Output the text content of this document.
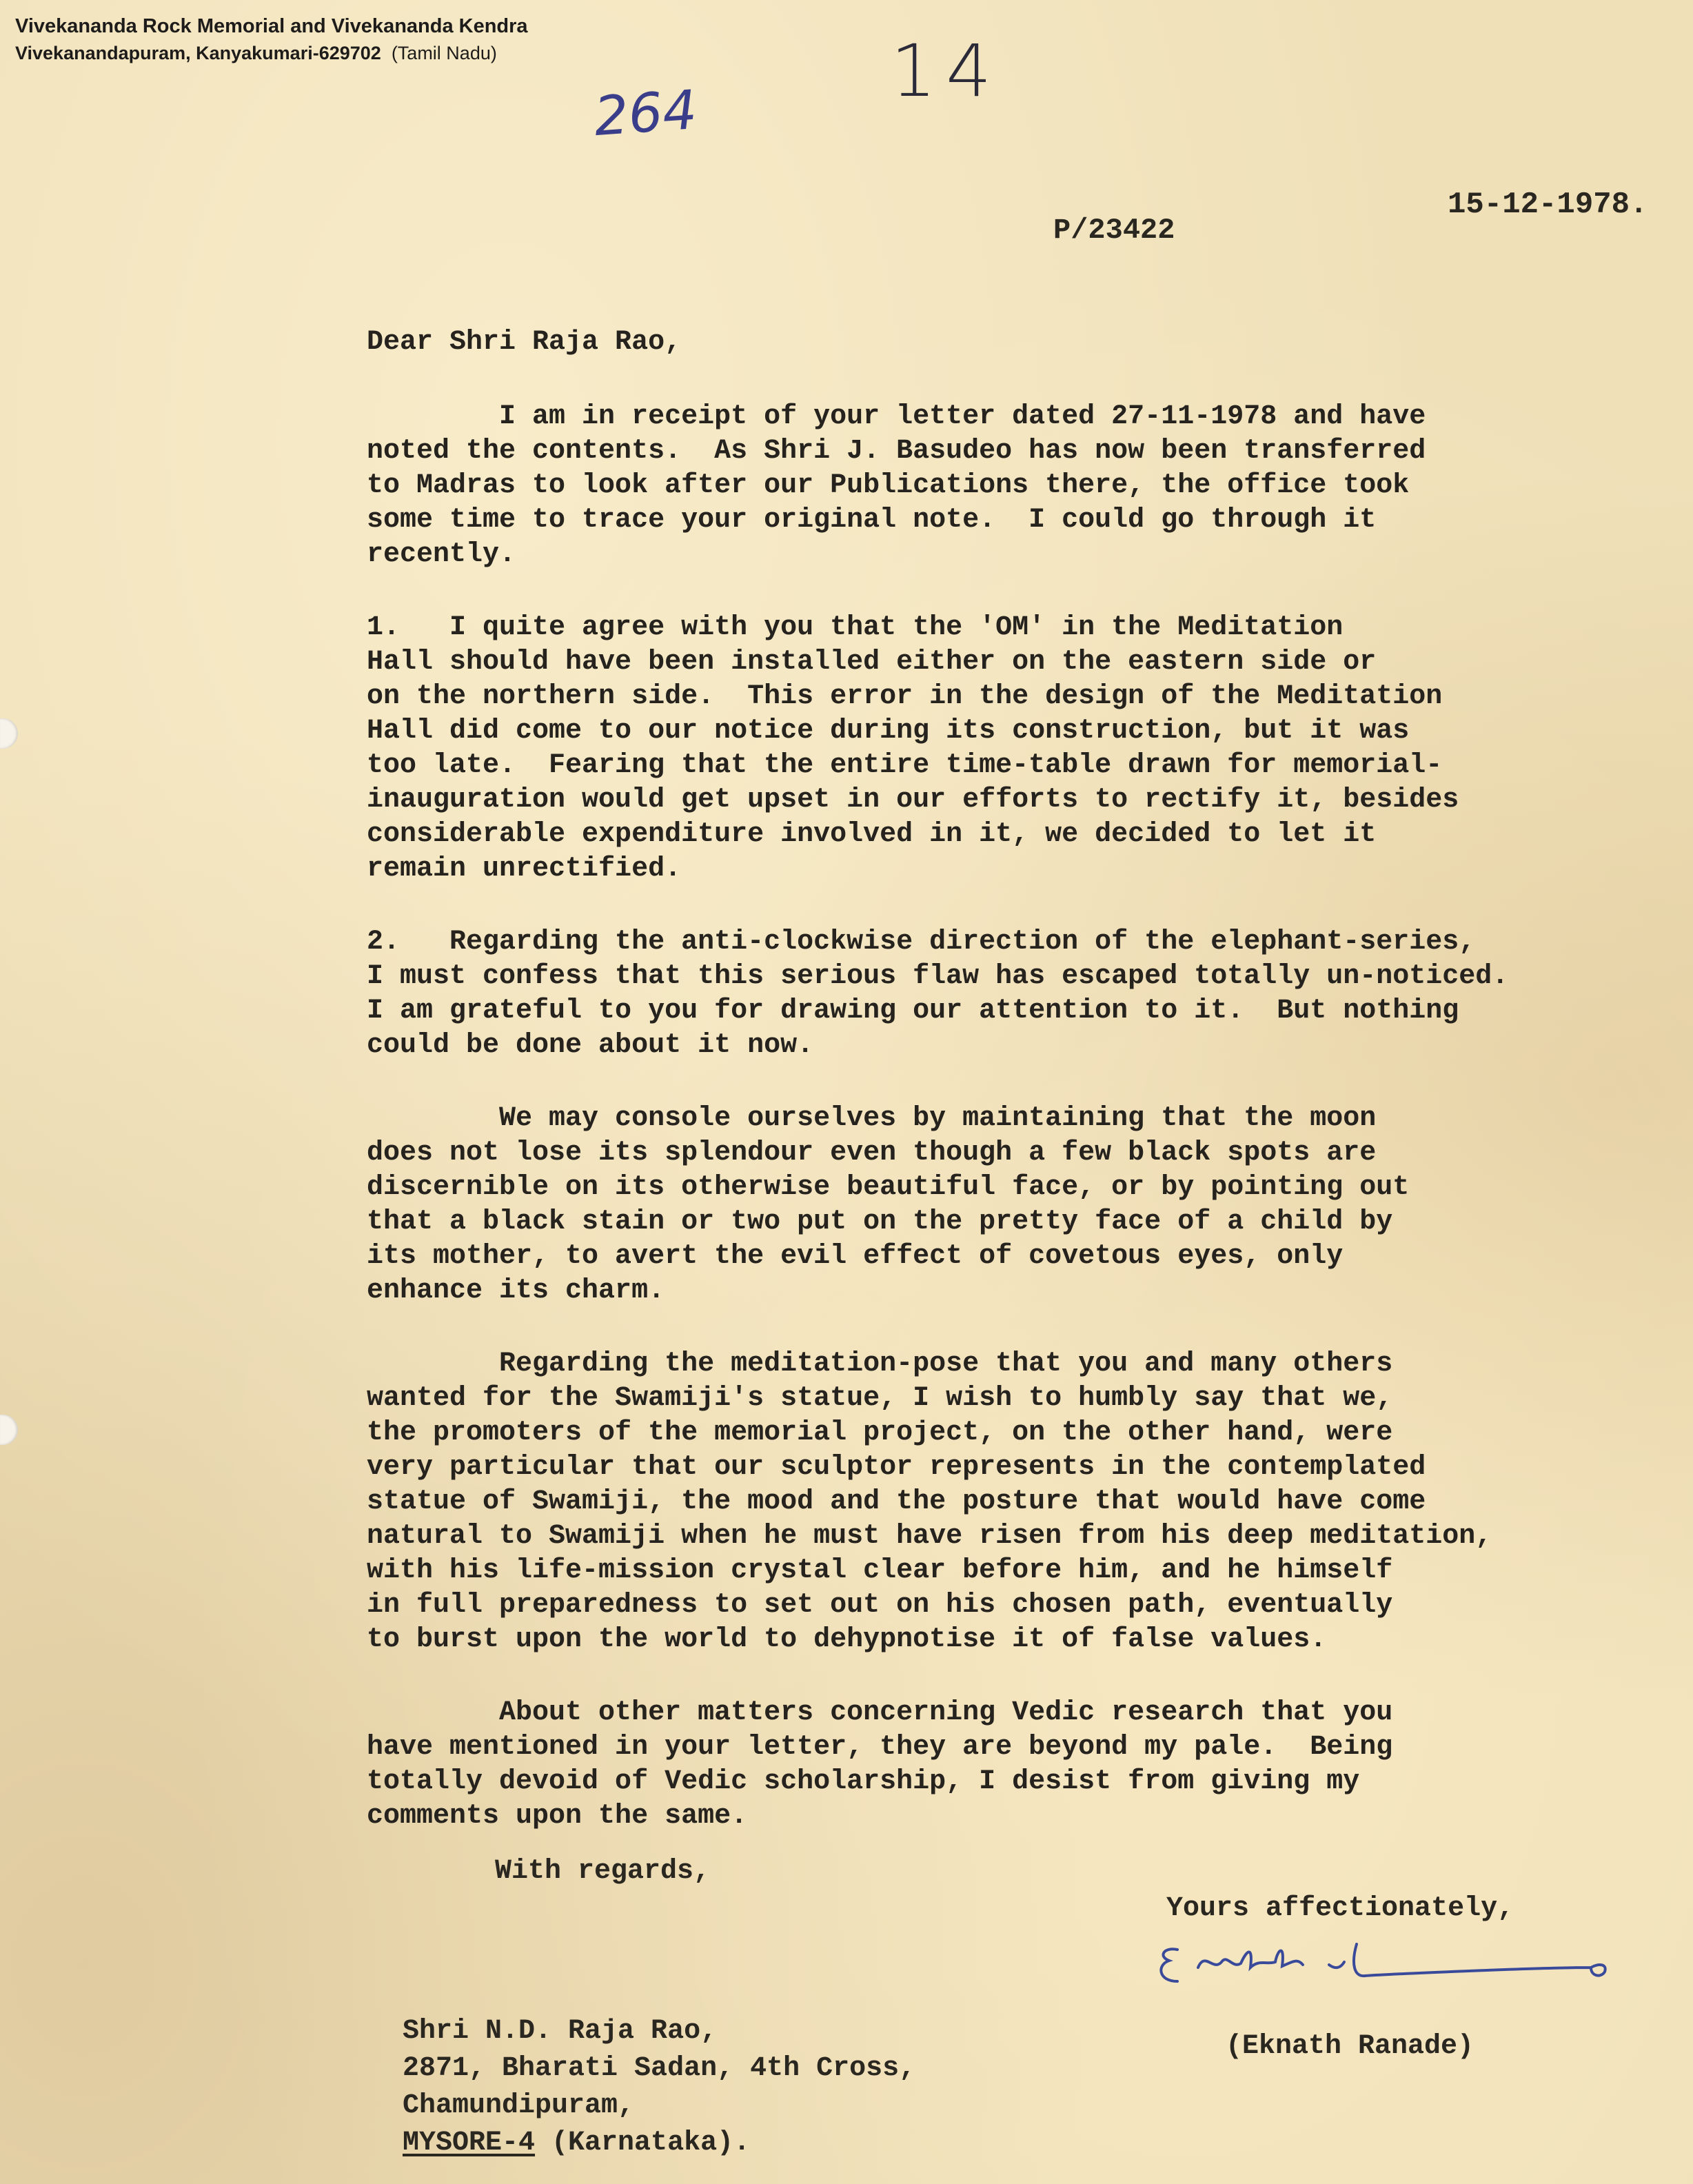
Vivekananda Rock Memorial and Vivekananda Kendra
Vivekanandapuram, Kanyakumari-629702 (Tamil Nadu)
264
14
P/23422
15-12-1978.

Dear Shri Raja Rao,

I am in receipt of your letter dated 27-11-1978 and have

noted the contents.  As Shri J. Basudeo has now been transferred

to Madras to look after our Publications there, the office took

some time to trace your original note.  I could go through it

recently.

1.   I quite agree with you that the 'OM' in the Meditation

Hall should have been installed either on the eastern side or

on the northern side.  This error in the design of the Meditation

Hall did come to our notice during its construction, but it was

too late.  Fearing that the entire time-table drawn for memorial-

inauguration would get upset in our efforts to rectify it, besides

considerable expenditure involved in it, we decided to let it

remain unrectified.

2.   Regarding the anti-clockwise direction of the elephant-series,

I must confess that this serious flaw has escaped totally un-noticed.

I am grateful to you for drawing our attention to it.  But nothing

could be done about it now.

We may console ourselves by maintaining that the moon

does not lose its splendour even though a few black spots are

discernible on its otherwise beautiful face, or by pointing out

that a black stain or two put on the pretty face of a child by

its mother, to avert the evil effect of covetous eyes, only

enhance its charm.

Regarding the meditation-pose that you and many others

wanted for the Swamiji's statue, I wish to humbly say that we,

the promoters of the memorial project, on the other hand, were

very particular that our sculptor represents in the contemplated

statue of Swamiji, the mood and the posture that would have come

natural to Swamiji when he must have risen from his deep meditation,

with his life-mission crystal clear before him, and he himself

in full preparedness to set out on his chosen path, eventually

to burst upon the world to dehypnotise it of false values.

About other matters concerning Vedic research that you

have mentioned in your letter, they are beyond my pale.  Being

totally devoid of Vedic scholarship, I desist from giving my

comments upon the same.

With regards,
Yours affectionately,

Shri N.D. Raja Rao,

2871, Bharati Sadan, 4th Cross,

Chamundipuram,

MYSORE-4 (Karnataka).

(Eknath Ranade)
